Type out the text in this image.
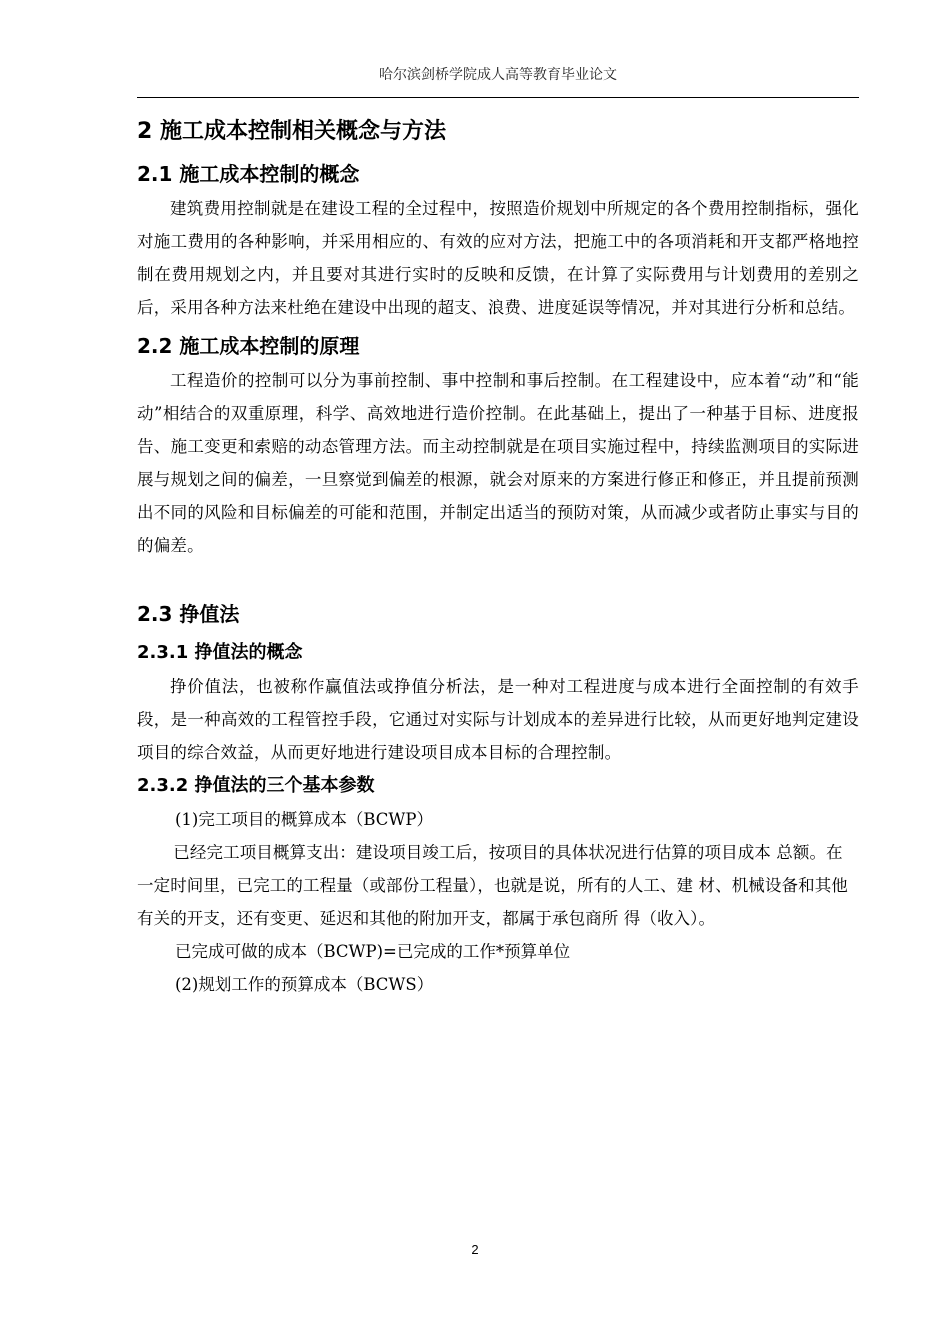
哈尔滨剑桥学院成人高等教育毕业论文
2 施工成本控制相关概念与方法
2.1 施工成本控制的概念

建筑费用控制就是在建设工程的全过程中，按照造价规划中所规定的各个费用控制指标，强化对施工费用的各种影响，并采用相应的、有效的应对方法，把施工中的各项消耗和开支都严格地控制在费用规划之内，并且要对其进行实时的反映和反馈，在计算了实际费用与计划费用的差别之后，采用各种方法来杜绝在建设中出现的超支、浪费、进度延误等情况，并对其进行分析和总结。

2.2 施工成本控制的原理

工程造价的控制可以分为事前控制、事中控制和事后控制。在工程建设中，应本着“动”和“能动”相结合的双重原理，科学、高效地进行造价控制。在此基础上，提出了一种基于目标、进度报告、施工变更和索赔的动态管理方法。而主动控制就是在项目实施过程中，持续监测项目的实际进展与规划之间的偏差，一旦察觉到偏差的根源，就会对原来的方案进行修正和修正，并且提前预测出不同的风险和目标偏差的可能和范围，并制定出适当的预防对策，从而减少或者防止事实与目的的偏差。

2.3 挣值法
2.3.1 挣值法的概念

挣价值法，也被称作赢值法或挣值分析法，是一种对工程进度与成本进行全面控制的有效手段，是一种高效的工程管控手段，它通过对实际与计划成本的差异进行比较，从而更好地判定建设项目的综合效益，从而更好地进行建设项目成本目标的合理控制。

2.3.2 挣值法的三个基本参数

(1)完工项目的概算成本（BCWP）

已经完工项目概算支出：建设项目竣工后，按项目的具体状况进行估算的项目成本 总额。在一定时间里，已完工的工程量（或部份工程量），也就是说，所有的人工、建 材、机械设备和其他有关的开支，还有变更、延迟和其他的附加开支，都属于承包商所 得（收入）。

已完成可做的成本（BCWP)=已完成的工作*预算单位

(2)规划工作的预算成本（BCWS）

2
